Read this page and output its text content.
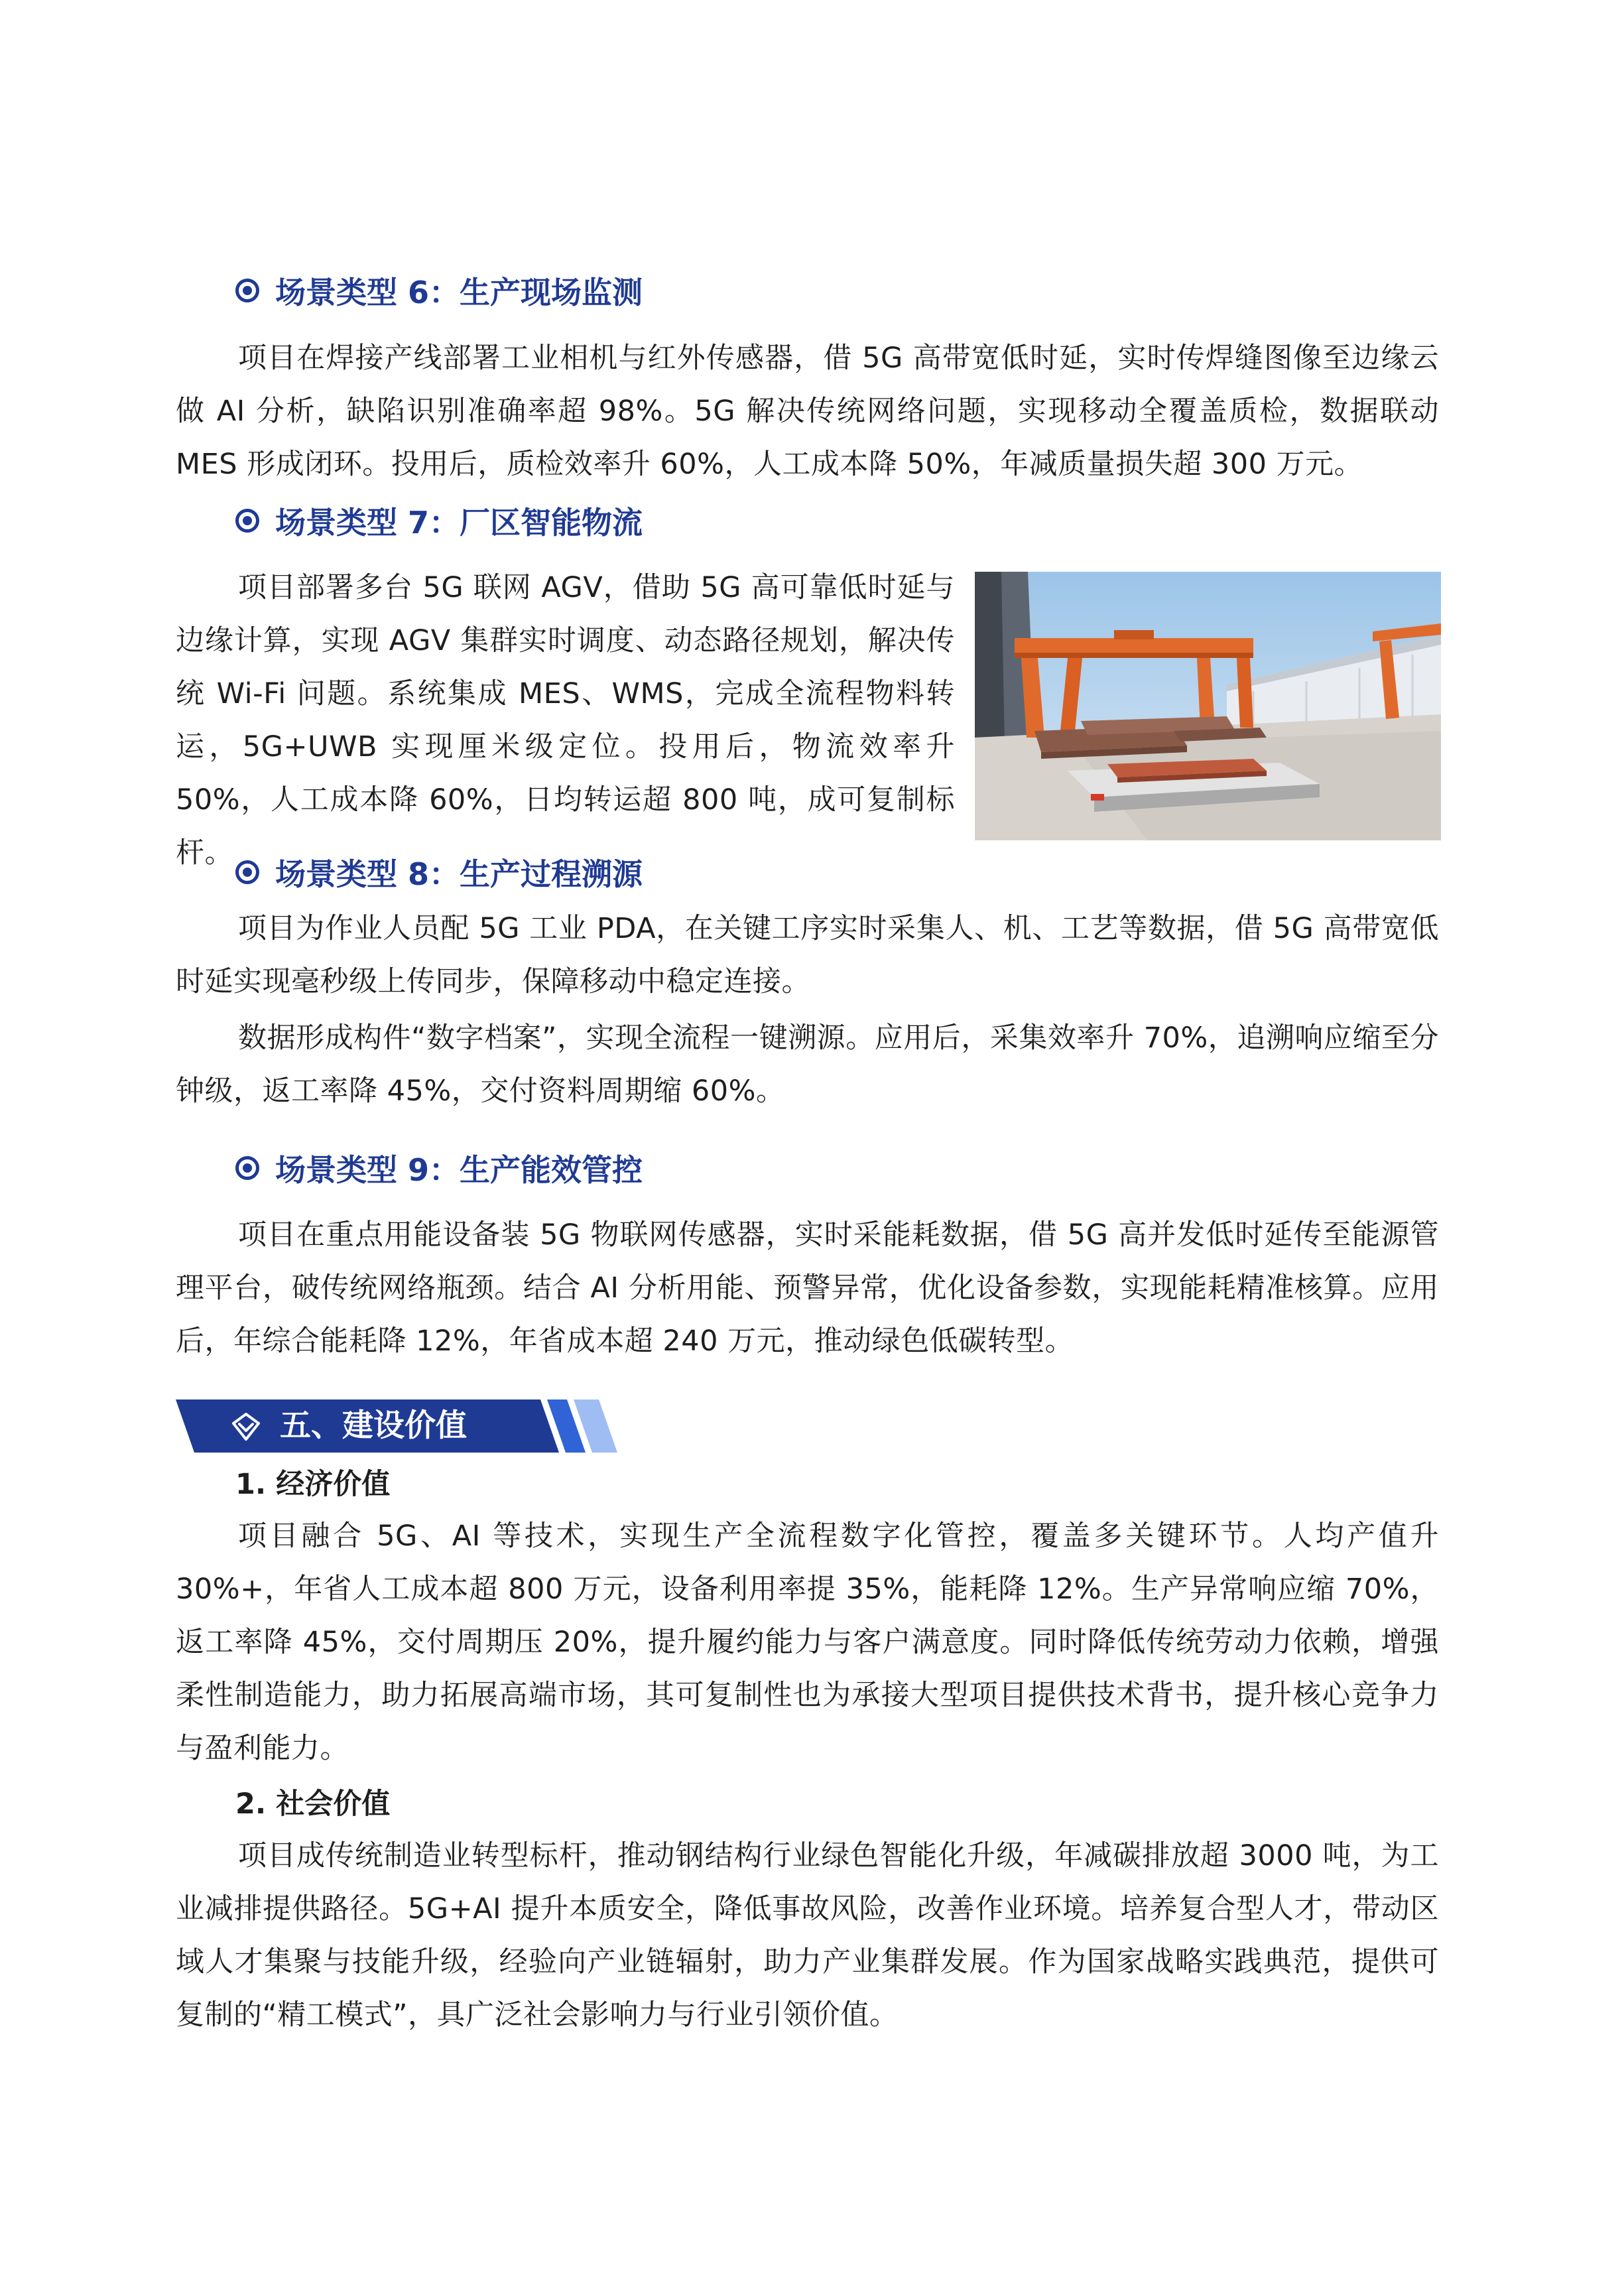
场景类型 6：生产现场监测

项目在焊接产线部署工业相机与红外传感器，借 5G 高带宽低时延，实时传焊缝图像至边缘云做 AI 分析，缺陷识别准确率超 98%。5G 解决传统网络问题，实现移动全覆盖质检，数据联动 MES 形成闭环。投用后，质检效率升 60%，人工成本降 50%，年减质量损失超 300 万元。

场景类型 7：厂区智能物流

项目部署多台 5G 联网 AGV，借助 5G 高可靠低时延与边缘计算，实现 AGV 集群实时调度、动态路径规划，解决传统 Wi-Fi 问题。系统集成 MES、WMS，完成全流程物料转运，5G+UWB 实现厘米级定位。投用后，物流效率升 50%，人工成本降 60%，日均转运超 800 吨，成可复制标杆。

场景类型 8：生产过程溯源

项目为作业人员配 5G 工业 PDA，在关键工序实时采集人、机、工艺等数据，借 5G 高带宽低时延实现毫秒级上传同步，保障移动中稳定连接。

数据形成构件“数字档案”，实现全流程一键溯源。应用后，采集效率升 70%，追溯响应缩至分钟级，返工率降 45%，交付资料周期缩 60%。

场景类型 9：生产能效管控

项目在重点用能设备装 5G 物联网传感器，实时采能耗数据，借 5G 高并发低时延传至能源管理平台，破传统网络瓶颈。结合 AI 分析用能、预警异常，优化设备参数，实现能耗精准核算。应用后，年综合能耗降 12%，年省成本超 240 万元，推动绿色低碳转型。

五、建设价值
1. 经济价值

项目融合 5G、AI 等技术，实现生产全流程数字化管控，覆盖多关键环节。人均产值升 30%+，年省人工成本超 800 万元，设备利用率提 35%，能耗降 12%。生产异常响应缩 70%，返工率降 45%，交付周期压 20%，提升履约能力与客户满意度。同时降低传统劳动力依赖，增强柔性制造能力，助力拓展高端市场，其可复制性也为承接大型项目提供技术背书，提升核心竞争力与盈利能力。

2. 社会价值

项目成传统制造业转型标杆，推动钢结构行业绿色智能化升级，年减碳排放超 3000 吨，为工业减排提供路径。5G+AI 提升本质安全，降低事故风险，改善作业环境。培养复合型人才，带动区域人才集聚与技能升级，经验向产业链辐射，助力产业集群发展。作为国家战略实践典范，提供可复制的“精工模式”，具广泛社会影响力与行业引领价值。
